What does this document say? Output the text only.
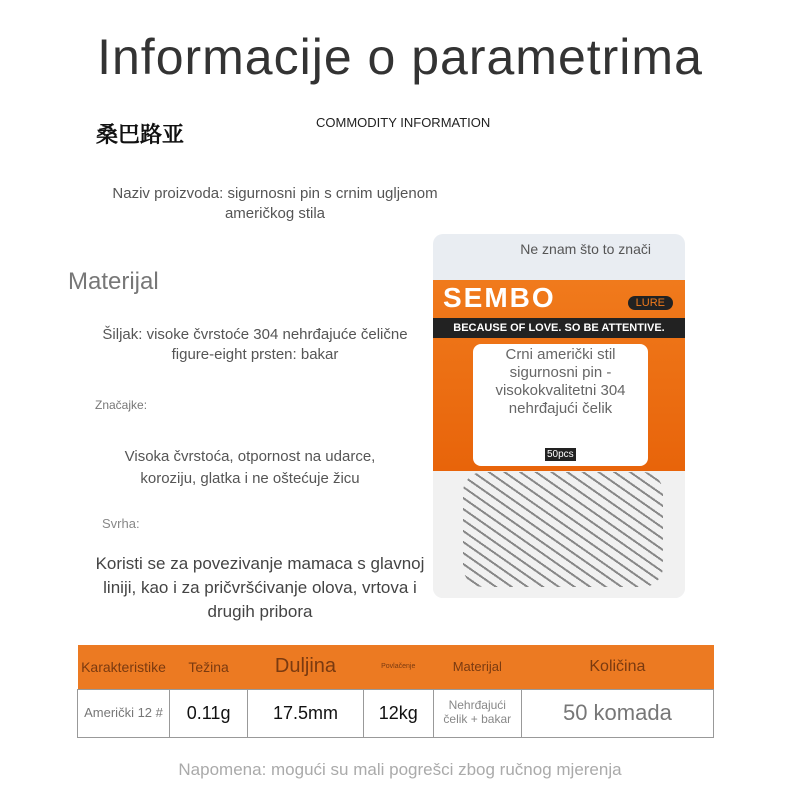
Informacije o parametrima
桑巴路亚	COMMODITY INFORMATION
Naziv proizvoda: sigurnosni pin s crnim ugljenom američkog stila
Materijal
Šiljak: visoke čvrstoće 304 nehrđajuće čelične figure-eight prsten: bakar
Značajke:
Visoka čvrstoća, otpornost na udarce, koroziju, glatka i ne oštećuje žicu
Svrha:
Koristi se za povezivanje mamaca s glavnoj liniji, kao i za pričvršćivanje olova, vrtova i drugih pribora
Ne znam što to znači
SEMBO	LURE
BECAUSE OF LOVE. SO BE ATTENTIVE.
Crni američki stil sigurnosni pin - visokokvalitetni 304 nehrđajući čelik
50pcs
Karakteristike	Težina	Duljina	Povlačenje	Materijal	Količina
Američki 12 #	0.11g	17.5mm	12kg	Nehrđajući čelik + bakar	50 komada
Napomena: mogući su mali pogrešci zbog ručnog mjerenja
